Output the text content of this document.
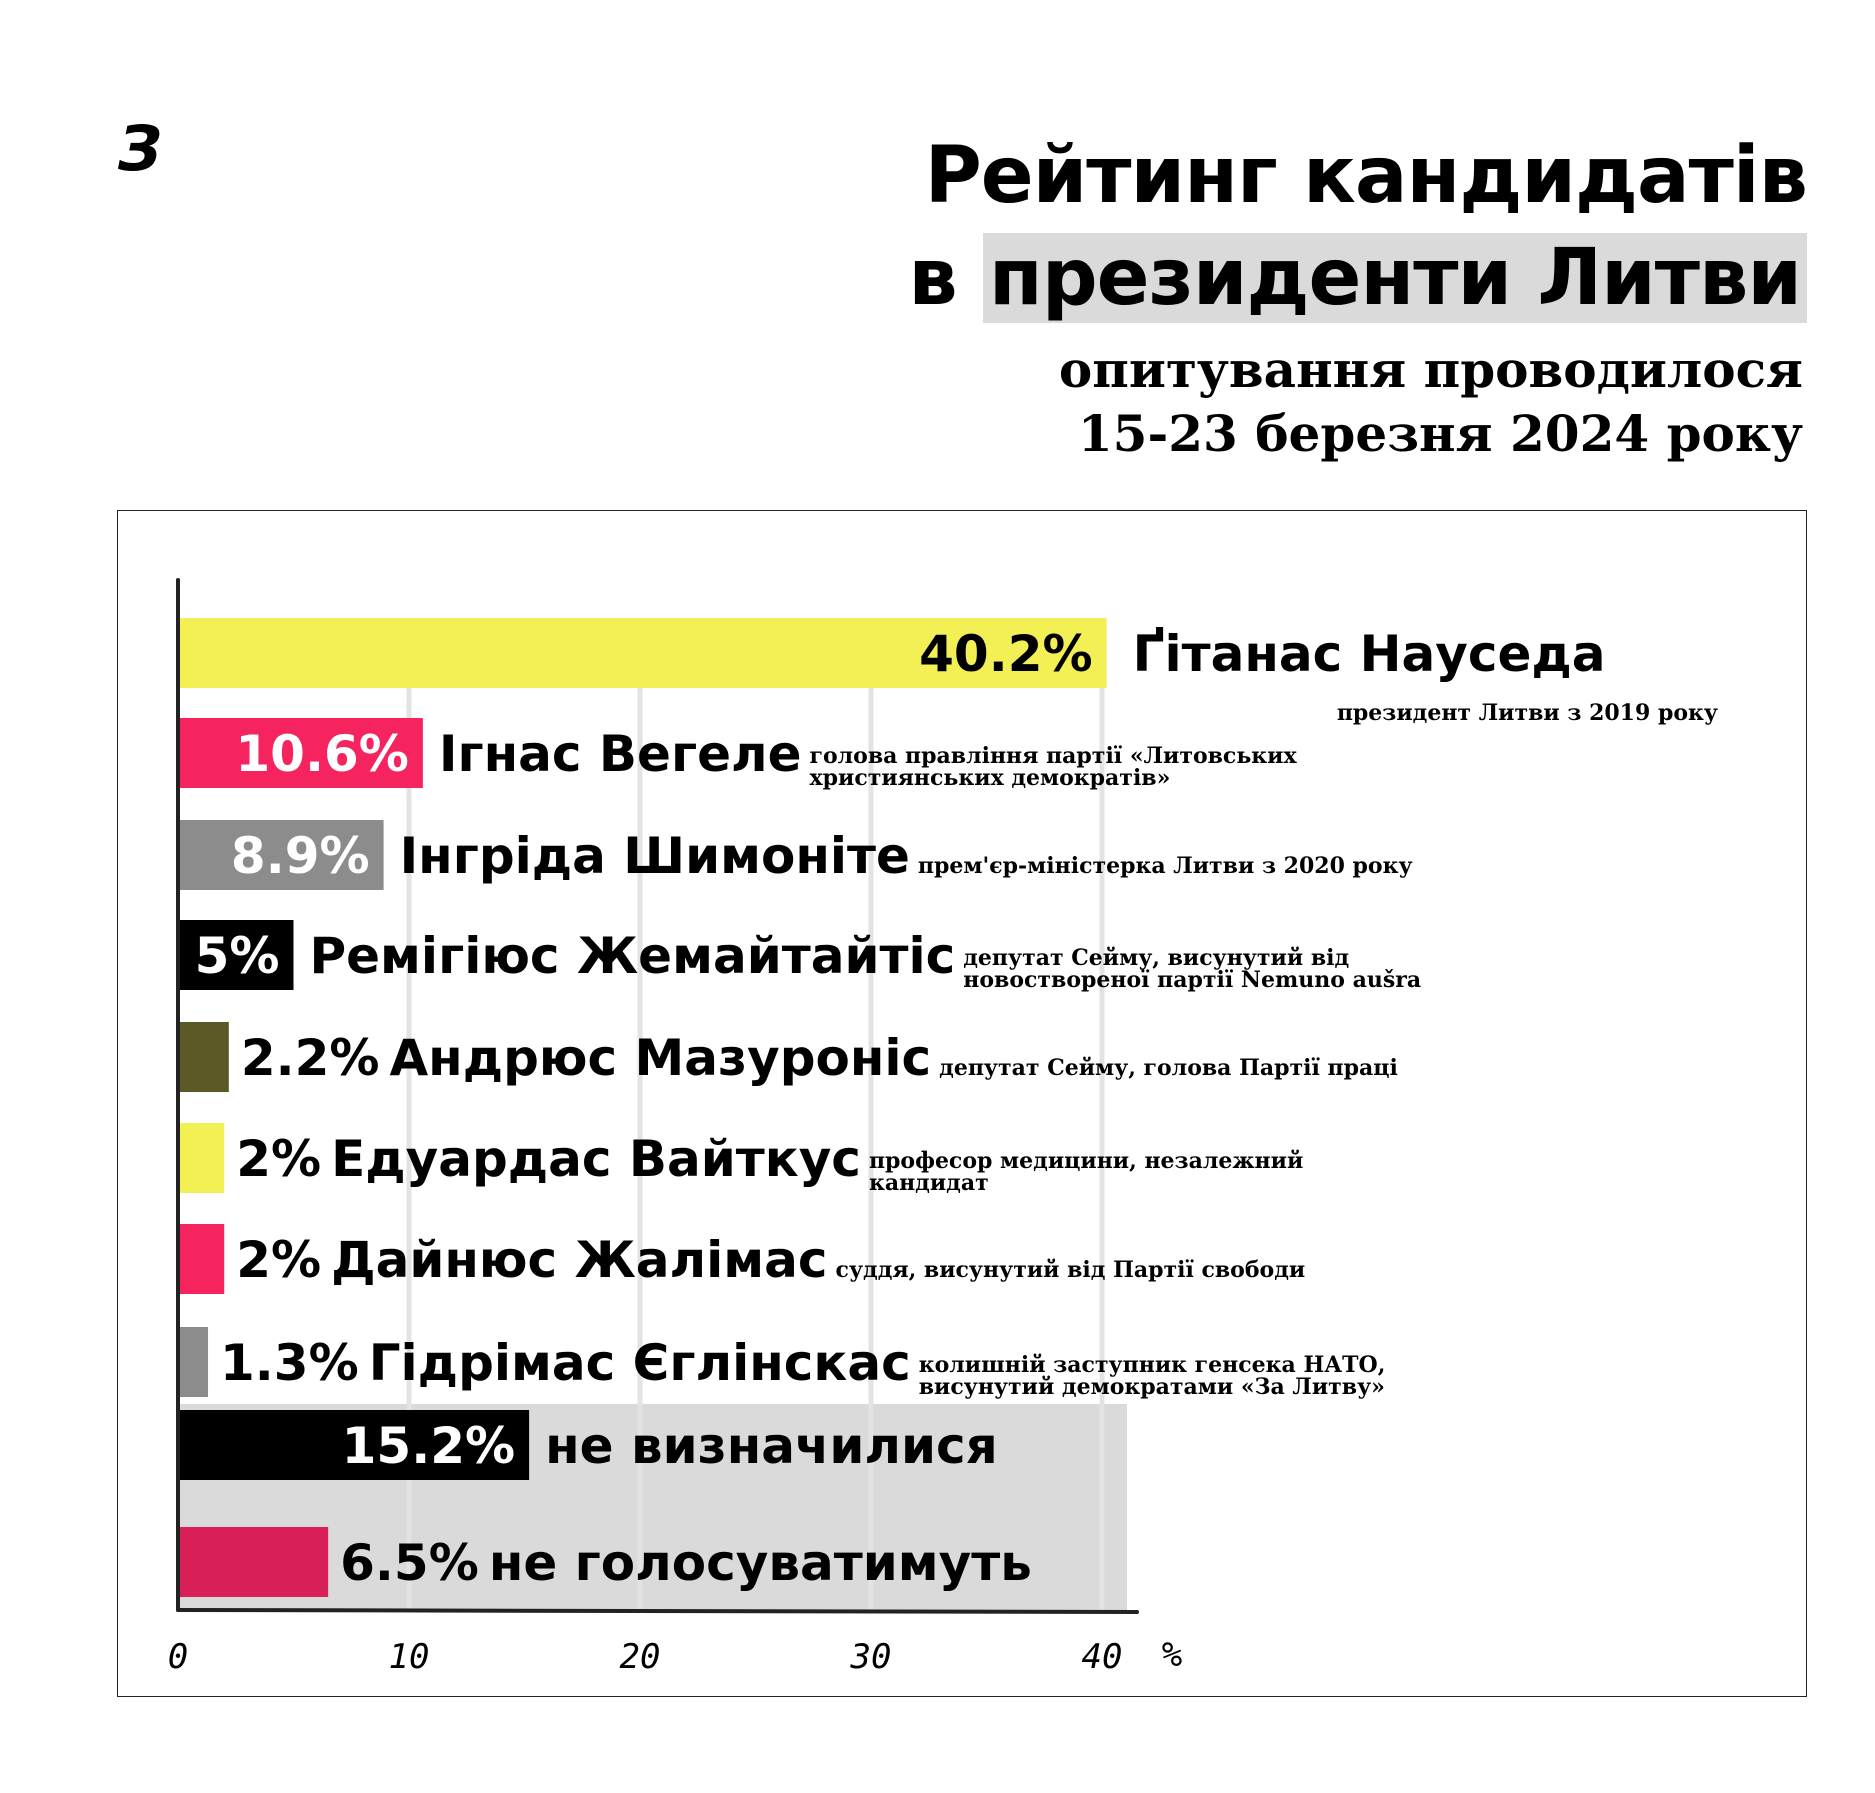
З	Рейтинг кандидатів
в президенти Литви
опитування проводилося
15-23 березня 2024 року
40.2% Ґітанас Науседа
президент Литви з 2019 року
10.6% Ігнас Вегеле голова правління партії «Литовських
християнських демократів»
8.9% Інгріда Шимоніте прем'єр-міністерка Литви з 2020 року
5% Ремігіюс Жемайтайтіс депутат Сейму, висунутий від
новоствореної партії Nemuno aušra
2.2% Андрюс Мазуроніс депутат Сейму, голова Партії праці
2% Едуардас Вайткус професор медицини, незалежний
кандидат
2% Дайнюс Жалімас суддя, висунутий від Партії свободи
1.3% Гідрімас Єглінскас колишній заступник генсека НАТО,
висунутий демократами «За Литву»
15.2% не визначилися
6.5% не голосуватимуть
0	10	20	30	40 %
